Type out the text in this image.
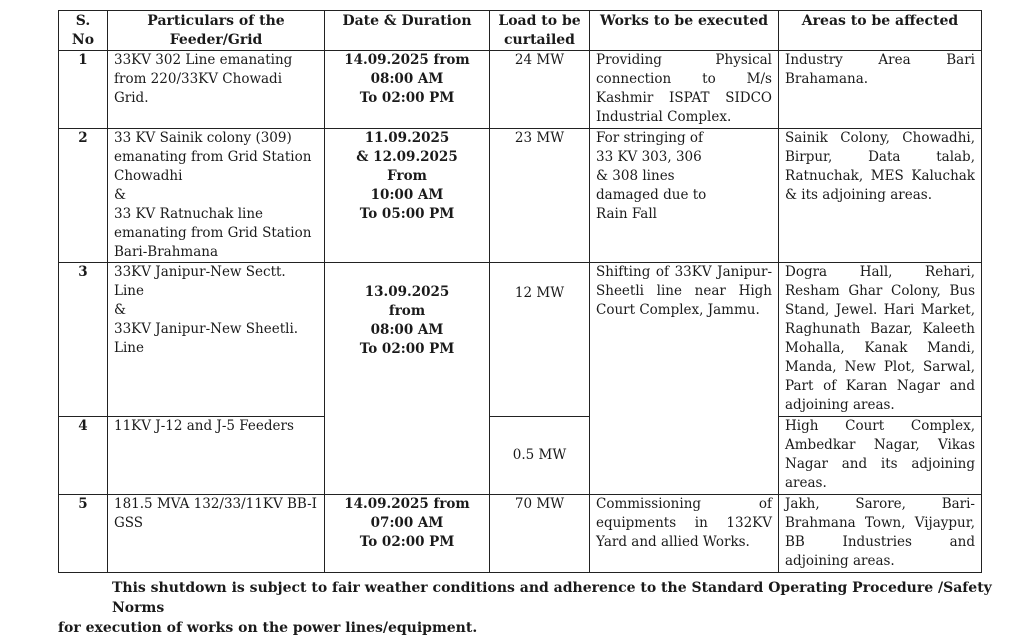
S. No	Particulars of the Feeder/Grid	Date & Duration	Load to be curtailed	Works to be executed	Areas to be affected
1	33KV 302 Line emanating from 220/33KV Chowadi Grid.	14.09.2025 from
08:00 AM
To 02:00 PM	24 MW	Providing Physical connection to M/s Kashmir ISPAT SIDCO Industrial Complex.	Industry Area Bari Brahamana.
2	33 KV Sainik colony (309) emanating from Grid Station Chowadhi
&
33 KV Ratnuchak line emanating from Grid Station Bari-Brahmana	11.09.2025
& 12.09.2025
From
10:00 AM
To 05:00 PM	23 MW	For stringing of
33 KV 303, 306
& 308 lines
damaged due to
Rain Fall	Sainik Colony, Chowadhi, Birpur, Data talab, Ratnuchak, MES Kaluchak & its adjoining areas.
3	33KV Janipur-New Sectt. Line
&
33KV Janipur-New Sheetli. Line	13.09.2025
from
08:00 AM
To 02:00 PM	12 MW	Shifting of 33KV Janipur-Sheetli line near High Court Complex, Jammu.	Dogra Hall, Rehari, Resham Ghar Colony, Bus Stand, Jewel. Hari Market, Raghunath Bazar, Kaleeth Mohalla, Kanak Mandi, Manda, New Plot, Sarwal, Part of Karan Nagar and adjoining areas.
4	11KV J-12 and J-5 Feeders		0.5 MW		High Court Complex, Ambedkar Nagar, Vikas Nagar and its adjoining areas.
5	181.5 MVA 132/33/11KV BB-I GSS	14.09.2025 from
07:00 AM
To 02:00 PM	70 MW	Commissioning of equipments in 132KV Yard and allied Works.	Jakh, Sarore, Bari-Brahmana Town, Vijaypur, BB Industries and adjoining areas.
This shutdown is subject to fair weather conditions and adherence to the Standard Operating Procedure /Safety Norms
for execution of works on the power lines/equipment.
